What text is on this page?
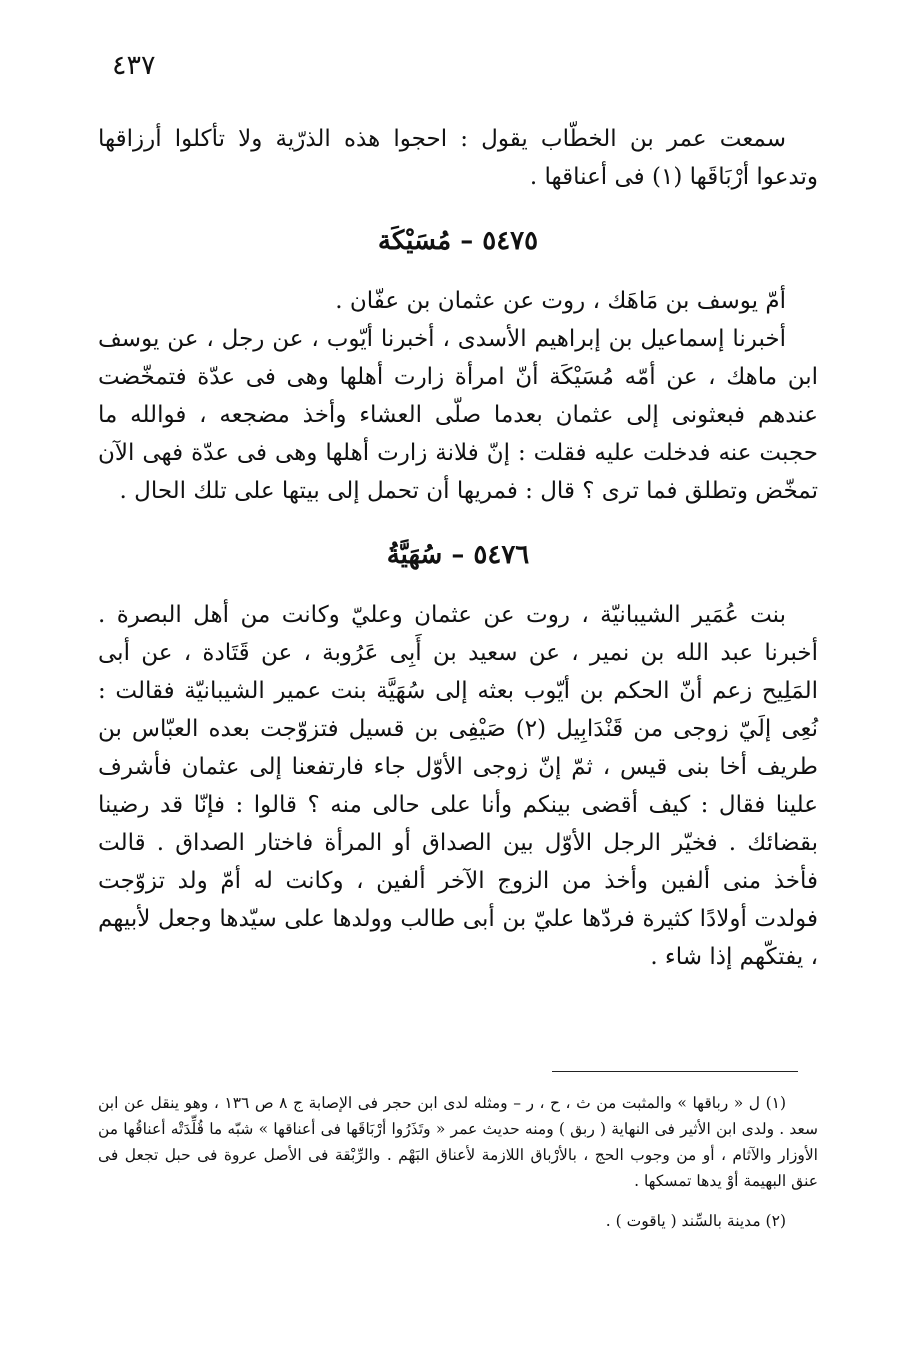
٤٣٧

سمعت عمر بن الخطّاب يقول : احجوا هذه الذرّية ولا تأكلوا أرزاقها وتدعوا أرْبَاقَها (١) فى أعناقها .

٥٤٧٥ – مُسَيْكَة

أمّ يوسف بن مَاهَك ، روت عن عثمان بن عفّان .

أخبرنا إسماعيل بن إبراهيم الأسدى ، أخبرنا أيّوب ، عن رجل ، عن يوسف ابن ماهك ، عن أمّه مُسَيْكَة أنّ امرأة زارت أهلها وهى فى عدّة فتمخّضت عندهم فبعثونى إلى عثمان بعدما صلّى العشاء وأخذ مضجعه ، فوالله ما حجبت عنه فدخلت عليه فقلت : إنّ فلانة زارت أهلها وهى فى عدّة فهى الآن تمخّض وتطلق فما ترى ؟ قال : فمريها أن تحمل إلى بيتها على تلك الحال .

٥٤٧٦ – سُهَيَّةُ

بنت عُمَير الشيبانيّة ، روت عن عثمان وعليّ وكانت من أهل البصرة . أخبرنا عبد الله بن نمير ، عن سعيد بن أَبِى عَرُوبة ، عن قَتَادة ، عن أبى المَلِيح زعم أنّ الحكم بن أيّوب بعثه إلى سُهَيَّة بنت عمير الشيبانيّة فقالت : نُعِى إلَيّ زوجى من قَنْدَابِيل (٢) صَيْفِى بن قسيل فتزوّجت بعده العبّاس بن طريف أخا بنى قيس ، ثمّ إنّ زوجى الأوّل جاء فارتفعنا إلى عثمان فأشرف علينا فقال : كيف أقضى بينكم وأنا على حالى منه ؟ قالوا : فإنّا قد رضينا بقضائك . فخيّر الرجل الأوّل بين الصداق أو المرأة فاختار الصداق . قالت فأخذ منى ألفين وأخذ من الزوج الآخر ألفين ، وكانت له أمّ ولد تزوّجت فولدت أولادًا كثيرة فردّها عليّ بن أبى طالب وولدها على سيّدها وجعل لأبيهم ، يفتكّهم إذا شاء .

(١) ل « رباقها » والمثبت من ث ، ح ، ر – ومثله لدى ابن حجر فى الإصابة ج ٨ ص ١٣٦ ، وهو ينقل عن ابن سعد . ولدى ابن الأثير فى النهاية ( ربق ) ومنه حديث عمر « وتَذَرُوا أرْبَاقَها فى أعناقها » شبّه ما قُلِّدَتْه أعناقُها من الأوزار والآثام ، أو من وجوب الحج ، بالأرْباق اللازمة لأعناق البَهْم . والرِّبْقة فى الأصل عروة فى حبل تجعل فى عنق البهيمة أوْ يدها تمسكها .

(٢) مدينة بالسِّند ( ياقوت ) .
